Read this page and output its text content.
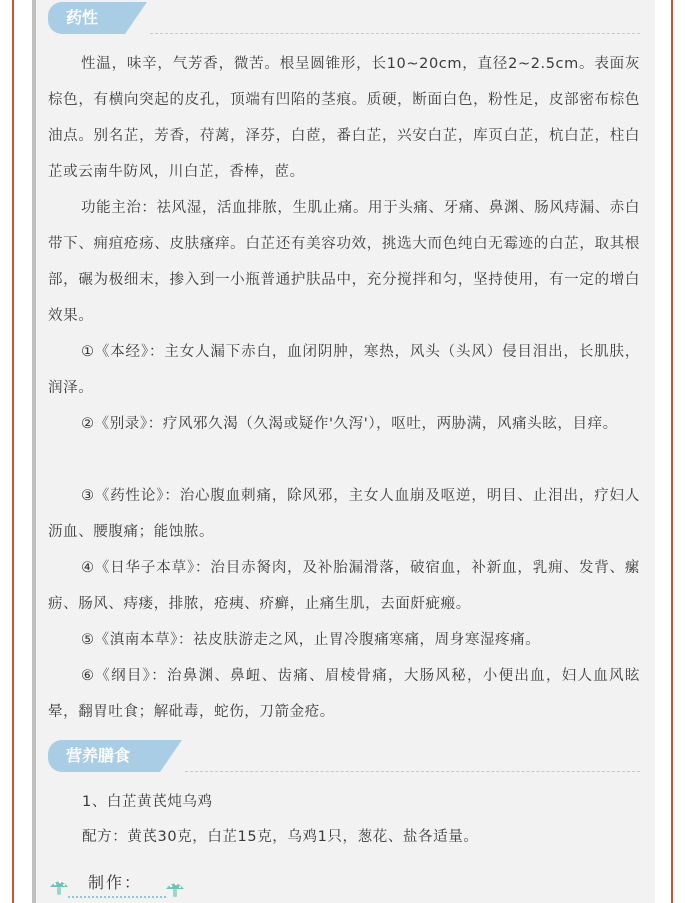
药性
性温，味辛，气芳香，微苦。根呈圆锥形，长10~20cm，直径2~2.5cm。表面灰棕色，有横向突起的皮孔，顶端有凹陷的茎痕。质硬，断面白色，粉性足，皮部密布棕色油点。别名芷，芳香，苻蓠，泽芬，白茝，番白芷，兴安白芷，库页白芷，杭白芷，柱白芷或云南牛防风，川白芷，香棒，茝。
功能主治：祛风湿，活血排脓，生肌止痛。用于头痛、牙痛、鼻渊、肠风痔漏、赤白带下、痈疽疮疡、皮肤瘙痒。白芷还有美容功效，挑选大而色纯白无霉迹的白芷，取其根部，碾为极细末，掺入到一小瓶普通护肤品中，充分搅拌和匀，坚持使用，有一定的增白效果。
①《本经》：主女人漏下赤白，血闭阴肿，寒热，风头（头风）侵目泪出，长肌肤，润泽。
②《别录》：疗风邪久渴（久渴或疑作'久泻'），呕吐，两胁满，风痛头眩，目痒。
③《药性论》：治心腹血刺痛，除风邪，主女人血崩及呕逆，明目、止泪出，疗妇人沥血、腰腹痛；能蚀脓。
④《日华子本草》：治目赤胬肉，及补胎漏滑落，破宿血，补新血，乳痈、发背、瘰疬、肠风、痔瘘，排脓，疮痍、疥癣，止痛生肌，去面皯疵瘢。
⑤《滇南本草》：祛皮肤游走之风，止胃冷腹痛寒痛，周身寒湿疼痛。
⑥《纲目》：治鼻渊、鼻衄、齿痛、眉棱骨痛，大肠风秘，小便出血，妇人血风眩晕，翻胃吐食；解砒毒，蛇伤，刀箭金疮。
营养膳食
1、白芷黄芪炖乌鸡
配方：黄芪30克，白芷15克，乌鸡1只，葱花、盐各适量。
制作：
